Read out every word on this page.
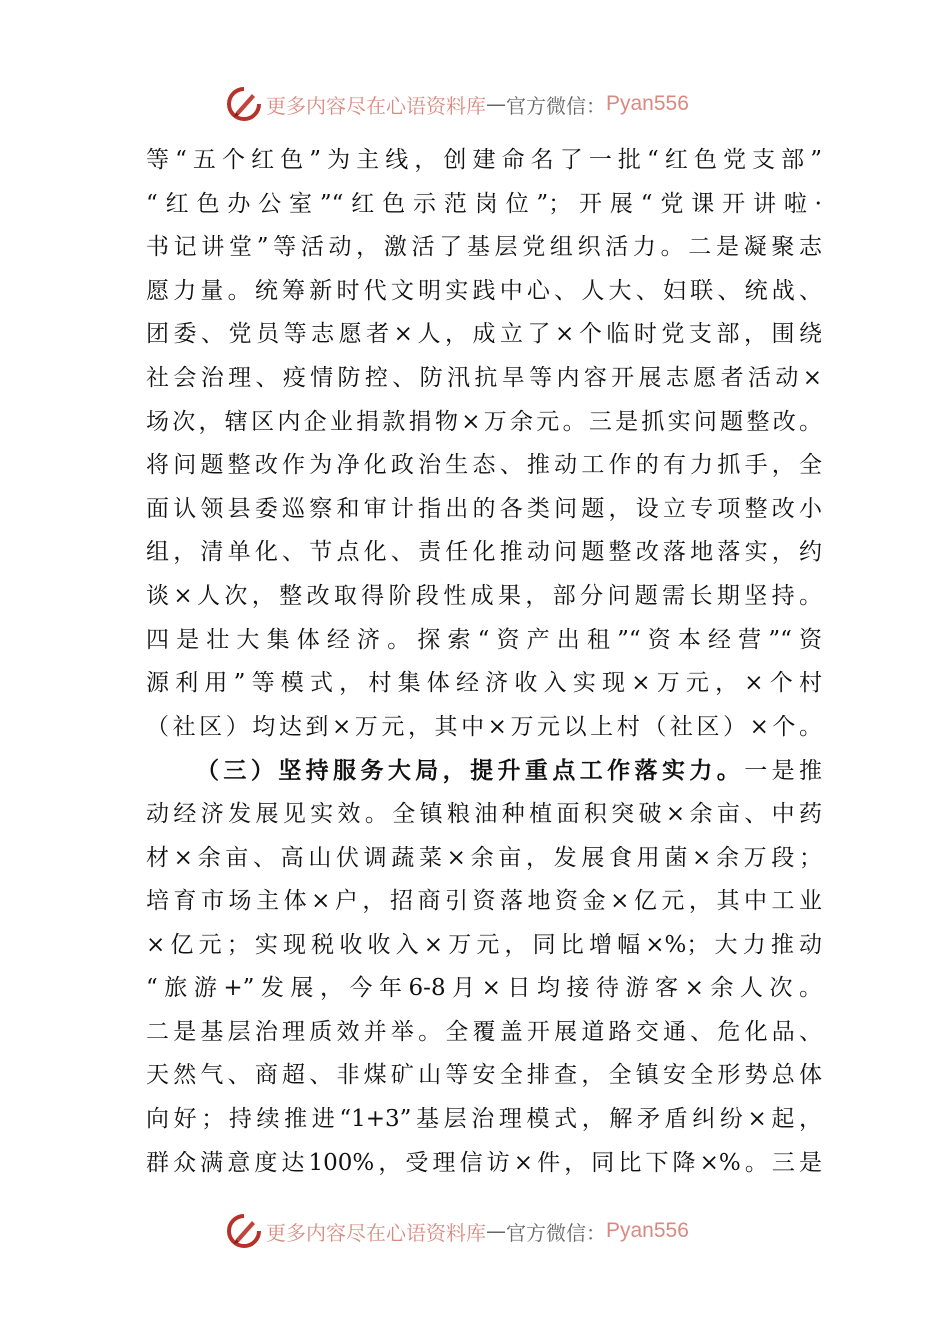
更多内容尽在心语资料库 — 官方微信： Pyan556
等“五个红色”为主线，创建命名了一批“红色党支部”
“红色办公室”“红色示范岗位”；开展“党课开讲啦·
书记讲堂”等活动，激活了基层党组织活力。二是凝聚志
愿力量。统筹新时代文明实践中心、人大、妇联、统战、
团委、党员等志愿者×人，成立了×个临时党支部，围绕
社会治理、疫情防控、防汛抗旱等内容开展志愿者活动×
场次，辖区内企业捐款捐物×万余元。三是抓实问题整改。
将问题整改作为净化政治生态、推动工作的有力抓手，全
面认领县委巡察和审计指出的各类问题，设立专项整改小
组，清单化、节点化、责任化推动问题整改落地落实，约
谈×人次，整改取得阶段性成果，部分问题需长期坚持。
四是壮大集体经济。探索“资产出租”“资本经营”“资
源利用”等模式，村集体经济收入实现×万元，×个村
（社区）均达到×万元，其中×万元以上村（社区）×个。
（三）坚持服务大局，提升重点工作落实力。一是推
动经济发展见实效。全镇粮油种植面积突破×余亩、中药
材×余亩、高山伏调蔬菜×余亩，发展食用菌×余万段；
培育市场主体×户，招商引资落地资金×亿元，其中工业
×亿元；实现税收收入×万元，同比增幅×%；大力推动
“旅游+”发展，今年6-8月×日均接待游客×余人次。
二是基层治理质效并举。全覆盖开展道路交通、危化品、
天然气、商超、非煤矿山等安全排查，全镇安全形势总体
向好；持续推进“1+3”基层治理模式，解矛盾纠纷×起，
群众满意度达100%，受理信访×件，同比下降×%。三是
更多内容尽在心语资料库 — 官方微信： Pyan556
